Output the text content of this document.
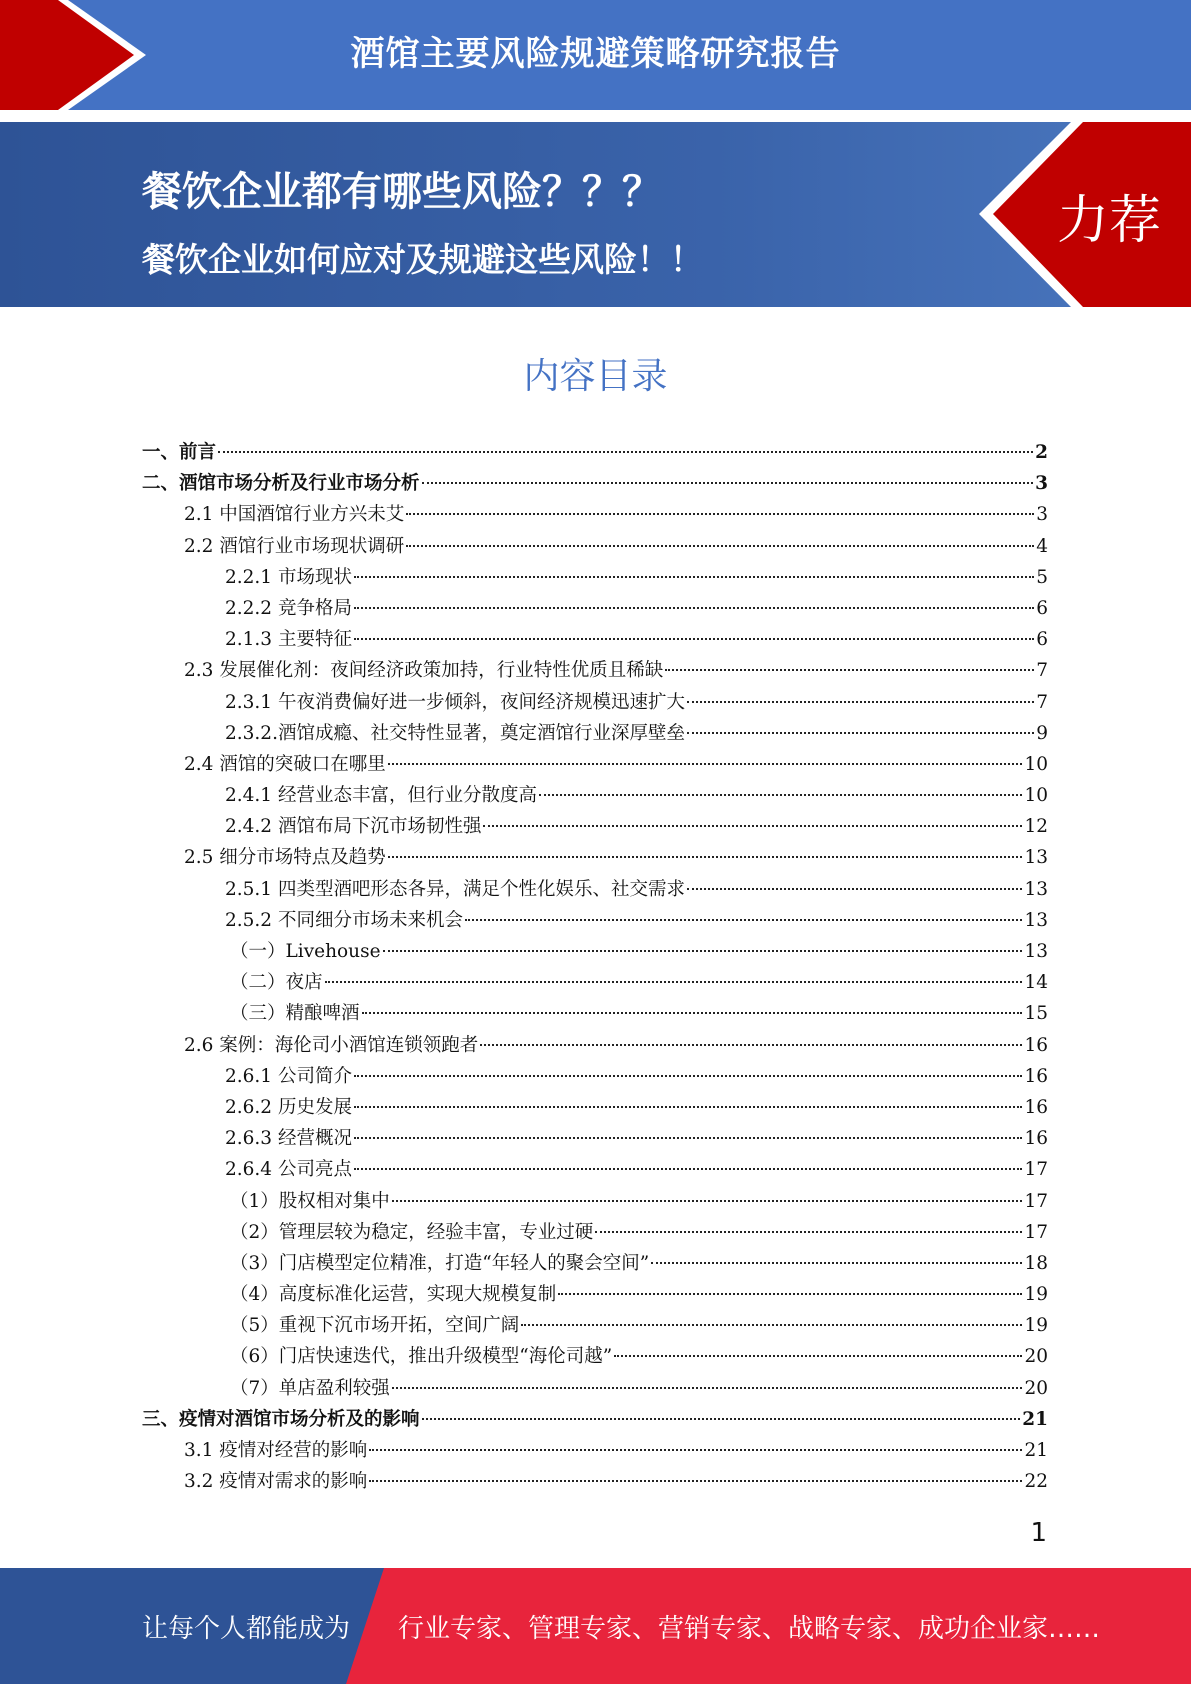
酒馆主要风险规避策略研究报告
餐饮企业都有哪些风险？？？
餐饮企业如何应对及规避这些风险！！
力荐
内容目录
一、前言	2
二、酒馆市场分析及行业市场分析	3
2.1 中国酒馆行业方兴未艾	3
2.2 酒馆行业市场现状调研	4
2.2.1 市场现状	5
2.2.2 竞争格局	6
2.1.3 主要特征	6
2.3 发展催化剂：夜间经济政策加持，行业特性优质且稀缺	7
2.3.1 午夜消费偏好进一步倾斜，夜间经济规模迅速扩大	7
2.3.2.酒馆成瘾、社交特性显著，奠定酒馆行业深厚壁垒	9
2.4 酒馆的突破口在哪里	10
2.4.1 经营业态丰富，但行业分散度高	10
2.4.2 酒馆布局下沉市场韧性强	12
2.5 细分市场特点及趋势	13
2.5.1 四类型酒吧形态各异，满足个性化娱乐、社交需求	13
2.5.2 不同细分市场未来机会	13
（一）Livehouse	13
（二）夜店	14
（三）精酿啤酒	15
2.6 案例：海伦司小酒馆连锁领跑者	16
2.6.1 公司简介	16
2.6.2 历史发展	16
2.6.3 经营概况	16
2.6.4 公司亮点	17
（1）股权相对集中	17
（2）管理层较为稳定，经验丰富，专业过硬	17
（3）门店模型定位精准，打造“年轻人的聚会空间”	18
（4）高度标准化运营，实现大规模复制	19
（5）重视下沉市场开拓，空间广阔	19
（6）门店快速迭代，推出升级模型“海伦司越”	20
（7）单店盈利较强	20
三、疫情对酒馆市场分析及的影响	21
3.1 疫情对经营的影响	21
3.2 疫情对需求的影响	22
1
让每个人都能成为 行业专家、管理专家、营销专家、战略专家、成功企业家……
